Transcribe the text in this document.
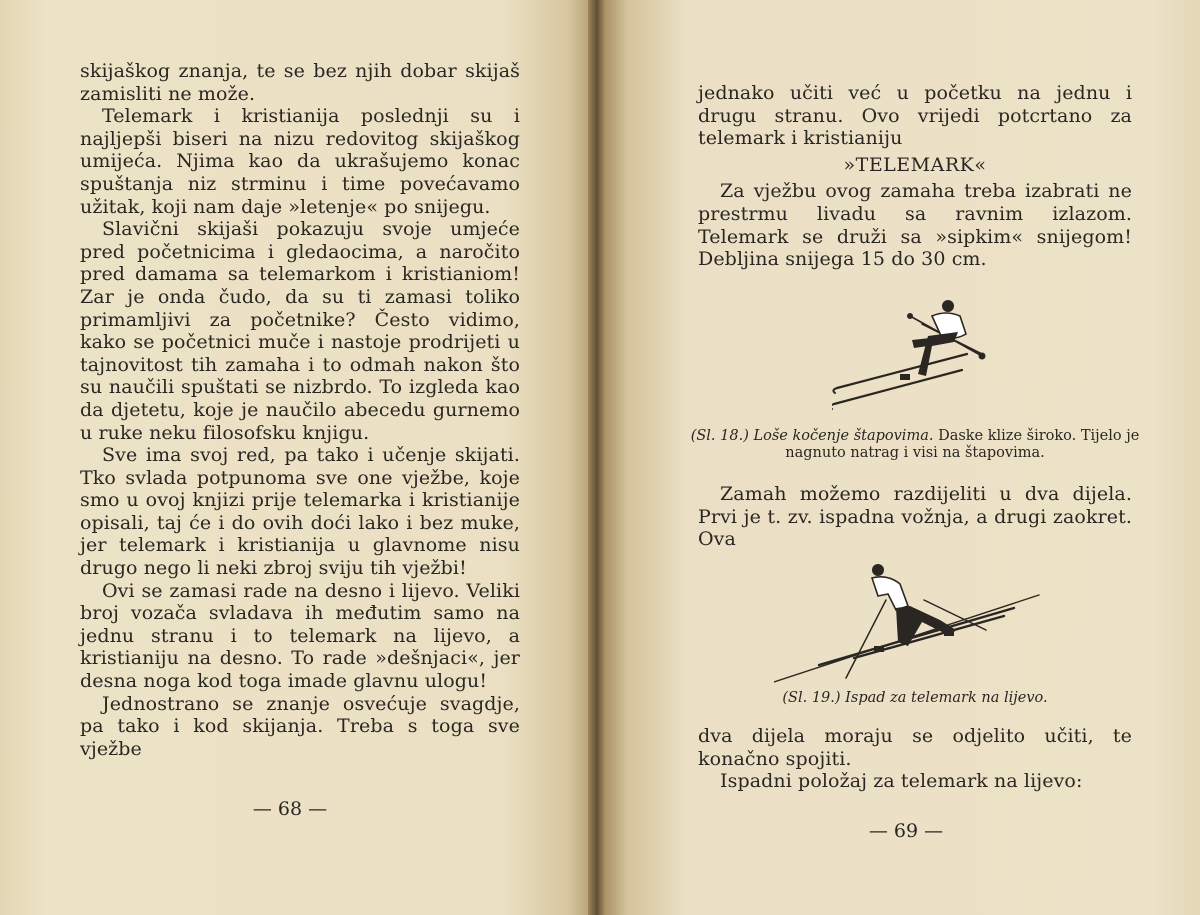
skijaškog znanja, te se bez njih dobar skijaš zamisliti ne može.

Telemark i kristianija poslednji su i najljepši biseri na nizu redovitog skijaškog umijeća. Njima kao da ukrašujemo konac spuštanja niz strminu i time povećavamo užitak, koji nam daje »letenje« po snijegu.

Slavični skijaši pokazuju svoje umjeće pred početnicima i gledaocima, a naročito pred damama sa telemarkom i kristianiom! Zar je onda čudo, da su ti zamasi toliko primamljivi za početnike? Često vidimo, kako se početnici muče i nastoje prodrijeti u tajnovitost tih zamaha i to odmah nakon što su naučili spuštati se nizbrdo. To izgleda kao da djetetu, koje je naučilo abecedu gurnemo u ruke neku filosofsku knjigu.

Sve ima svoj red, pa tako i učenje skijati. Tko svlada potpunoma sve one vježbe, koje smo u ovoj knjizi prije telemarka i kristianije opisali, taj će i do ovih doći lako i bez muke, jer telemark i kristianija u glavnome nisu drugo nego li neki zbroj sviju tih vježbi!

Ovi se zamasi rade na desno i lijevo. Veliki broj vozača svladava ih međutim samo na jednu stranu i to telemark na lijevo, a kristianiju na desno. To rade »dešnjaci«, jer desna noga kod toga imade glavnu ulogu!

Jednostrano se znanje osvećuje svagdje, pa tako i kod skijanja. Treba s toga sve vježbe

— 68 —

jednako učiti već u početku na jednu i drugu stranu. Ovo vrijedi potcrtano za telemark i kristianiju

»TELEMARK«

Za vježbu ovog zamaha treba izabrati ne prestrmu livadu sa ravnim izlazom. Telemark se druži sa »sipkim« snijegom! Debljina snijega 15 do 30 cm.

(Sl. 18.) Loše kočenje štapovima. Daske klize široko. Tijelo je nagnuto natrag i visi na štapovima.

Zamah možemo razdijeliti u dva dijela. Prvi je t. zv. ispadna vožnja, a drugi zaokret. Ova

(Sl. 19.) Ispad za telemark na lijevo.

dva dijela moraju se odjelito učiti, te konačno spojiti.

Ispadni položaj za telemark na lijevo:

— 69 —
